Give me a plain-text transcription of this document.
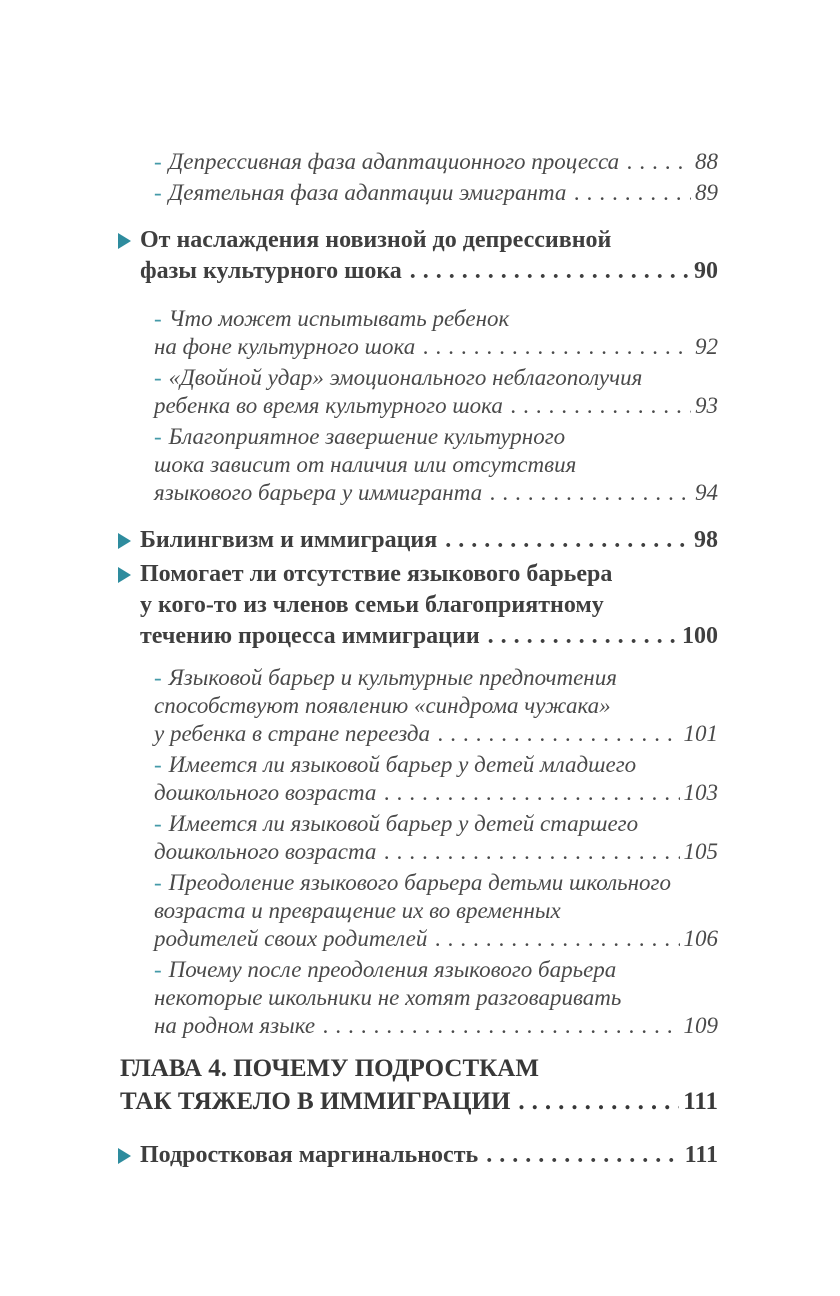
- Депрессивная фаза адаптационного процесса .....	88
- Деятельная фаза адаптации эмигранта .....	89
От наслаждения новизной до депрессивной
фазы культурного шока .....	90
- Что может испытывать ребенок
на фоне культурного шока .....	92
- «Двойной удар» эмоционального неблагополучия
ребенка во время культурного шока .....	93
- Благоприятное завершение культурного
шока зависит от наличия или отсутствия
языкового барьера у иммигранта .....	94
Билингвизм и иммиграция .....	98
Помогает ли отсутствие языкового барьера
у кого-то из членов семьи благоприятному
течению процесса иммиграции .....	100
- Языковой барьер и культурные предпочтения
способствуют появлению «синдрома чужака»
у ребенка в стране переезда .....	101
- Имеется ли языковой барьер у детей младшего
дошкольного возраста .....	103
- Имеется ли языковой барьер у детей старшего
дошкольного возраста .....	105
- Преодоление языкового барьера детьми школьного
возраста и превращение их во временных
родителей своих родителей .....	106
- Почему после преодоления языкового барьера
некоторые школьники не хотят разговаривать
на родном языке .....	109
ГЛАВА 4. ПОЧЕМУ ПОДРОСТКАМ
ТАК ТЯЖЕЛО В ИММИГРАЦИИ .....	111
Подростковая маргинальность .....	111
